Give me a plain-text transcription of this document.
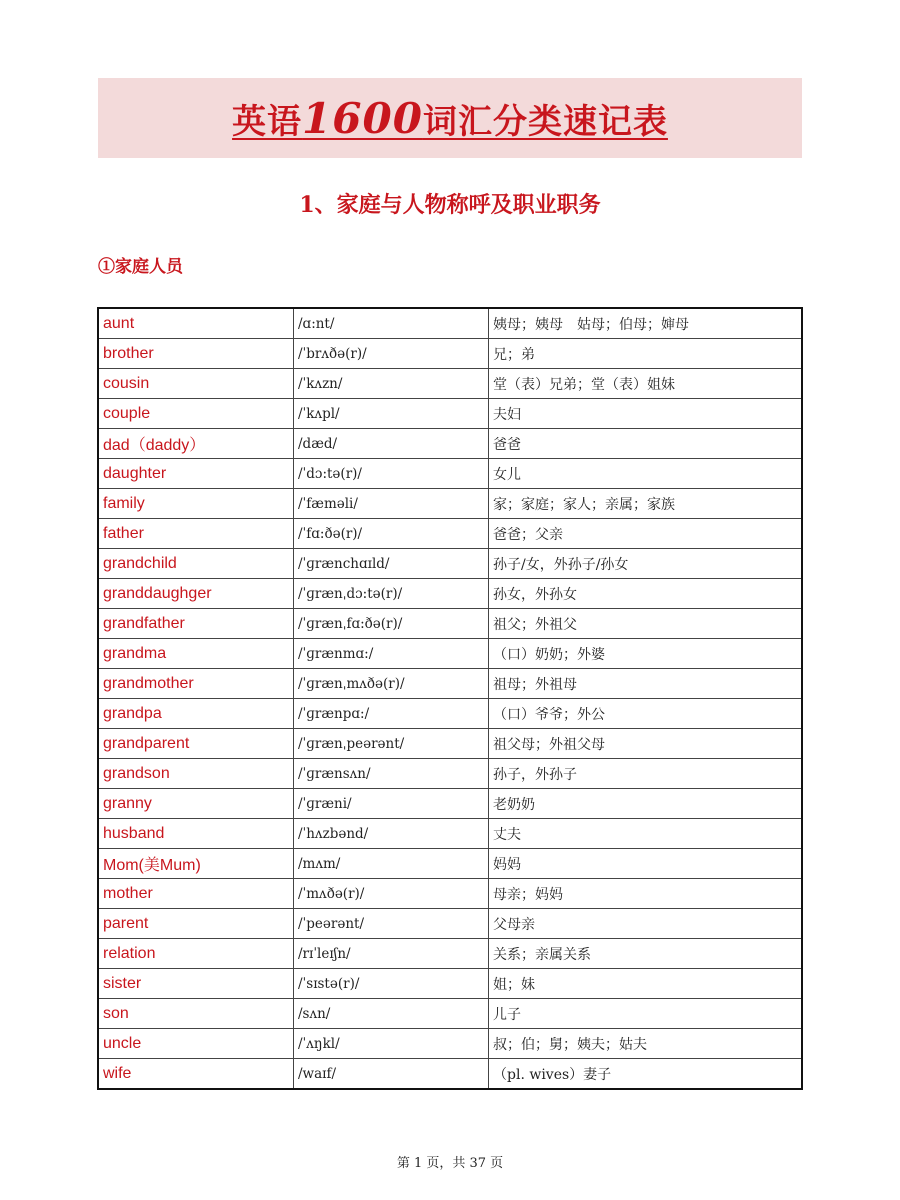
英语1600词汇分类速记表
1、家庭与人物称呼及职业职务
①家庭人员
aunt	/ɑ:nt/	姨母；姨母　姑母；伯母；婶母
brother	/ˈbrʌðə(r)/	兄；弟
cousin	/ˈkʌzn/	堂（表）兄弟；堂（表）姐妹
couple	/ˈkʌpl/	夫妇
dad（daddy）	/dæd/	爸爸
daughter	/ˈdɔ:tə(r)/	女儿
family	/ˈfæməli/	家；家庭；家人；亲属；家族
father	/ˈfɑ:ðə(r)/	爸爸；父亲
grandchild	/ˈɡrænchɑɪld/	孙子/女，外孙子/孙女
granddaughger	/ˈɡrænˌdɔ:tə(r)/	孙女，外孙女
grandfather	/ˈɡrænˌfɑ:ðə(r)/	祖父；外祖父
grandma	/ˈɡrænmɑ:/	（口）奶奶；外婆
grandmother	/ˈɡrænˌmʌðə(r)/	祖母；外祖母
grandpa	/ˈɡrænpɑ:/	（口）爷爷；外公
grandparent	/ˈɡrænˌpeərənt/	祖父母；外祖父母
grandson	/ˈɡrænsʌn/	孙子，外孙子
granny	/ˈɡræni/	老奶奶
husband	/ˈhʌzbənd/	丈夫
Mom(美Mum)	/mʌm/	妈妈
mother	/ˈmʌðə(r)/	母亲；妈妈
parent	/ˈpeərənt/	父母亲
relation	/rɪˈleɪʃn/	关系；亲属关系
sister	/ˈsɪstə(r)/	姐；妹
son	/sʌn/	儿子
uncle	/ˈʌŋkl/	叔；伯；舅；姨夫；姑夫
wife	/waɪf/	（pl. wives）妻子
第 1 页，共 37 页
